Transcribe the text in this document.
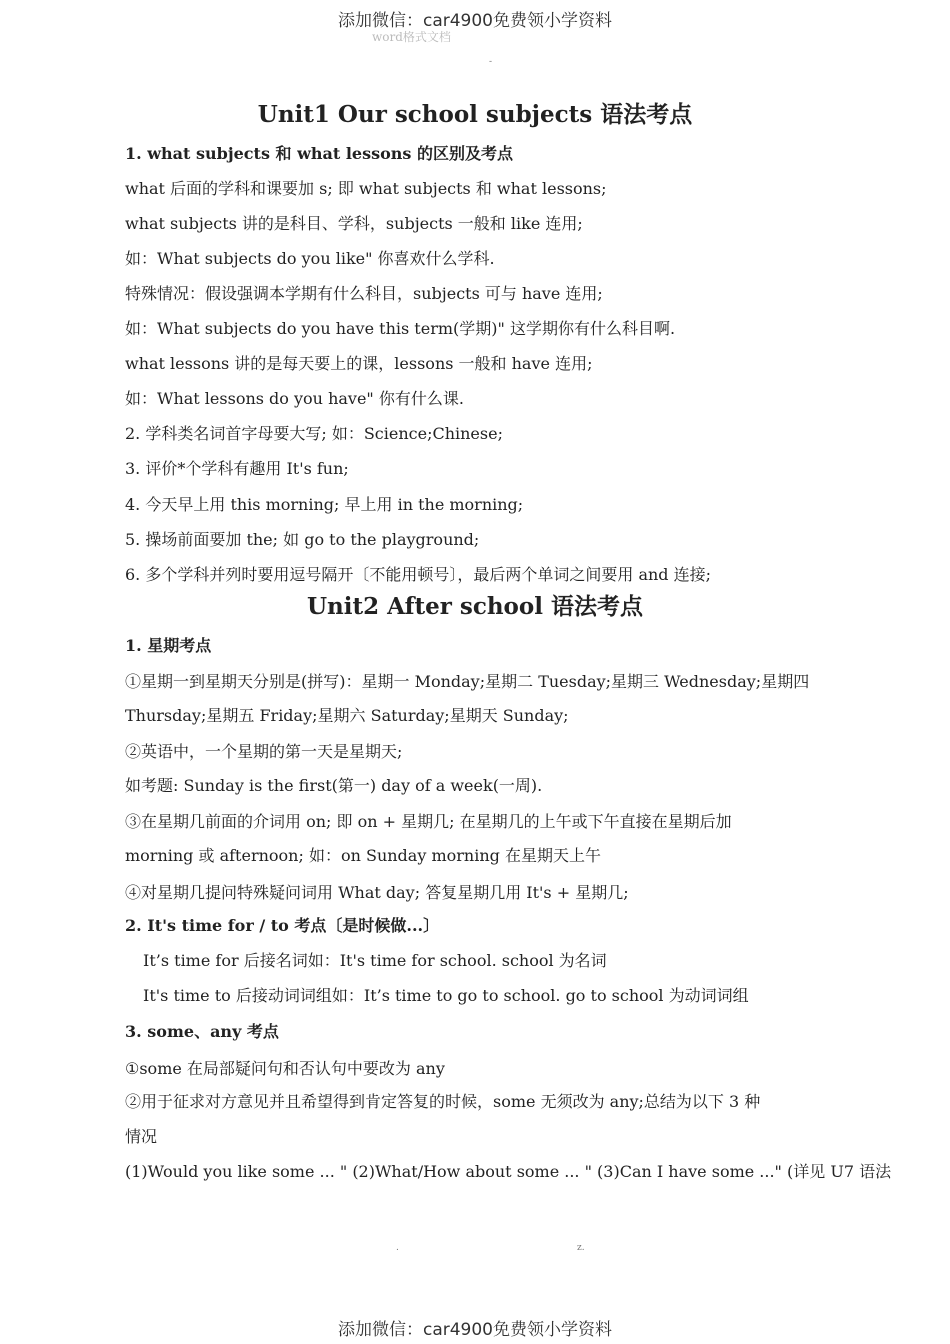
添加微信：car4900免费领小学资料
word格式文档
-
Unit1 Our school subjects 语法考点
1. what subjects 和 what lessons 的区别及考点
what 后面的学科和课要加 s; 即 what subjects 和 what lessons;
what subjects 讲的是科目、学科，subjects 一般和 like 连用;
如：What subjects do you like" 你喜欢什么学科.
特殊情况：假设强调本学期有什么科目，subjects 可与 have 连用;
如：What subjects do you have this term(学期)" 这学期你有什么科目啊.
what lessons 讲的是每天要上的课，lessons 一般和 have 连用;
如：What lessons do you have" 你有什么课.
2. 学科类名词首字母要大写; 如：Science;Chinese;
3. 评价*个学科有趣用 It's fun;
4. 今天早上用 this morning; 早上用 in the morning;
5. 操场前面要加 the; 如 go to the playground;
6. 多个学科并列时要用逗号隔开〔不能用顿号〕，最后两个单词之间要用 and 连接;
Unit2 After school 语法考点
1. 星期考点
①星期一到星期天分别是(拼写)：星期一 Monday;星期二 Tuesday;星期三 Wednesday;星期四
Thursday;星期五 Friday;星期六 Saturday;星期天 Sunday;
②英语中，一个星期的第一天是星期天;
如考题: Sunday is the first(第一) day of a week(一周).
③在星期几前面的介词用 on; 即 on + 星期几; 在星期几的上午或下午直接在星期后加
morning 或 afternoon; 如：on Sunday morning 在星期天上午
④对星期几提问特殊疑问词用 What day; 答复星期几用 It's + 星期几;
2. It's time for / to 考点〔是时候做...〕
It’s time for 后接名词如：It's time for school. school 为名词
It's time to 后接动词词组如：It’s time to go to school. go to school 为动词词组
3. some、any 考点
①some 在局部疑问句和否认句中要改为 any
②用于征求对方意见并且希望得到肯定答复的时候，some 无须改为 any;总结为以下 3 种
情况
(1)Would you like some ... " (2)What/How about some ... " (3)Can I have some ..." (详见 U7 语法
.	z.
添加微信：car4900免费领小学资料
